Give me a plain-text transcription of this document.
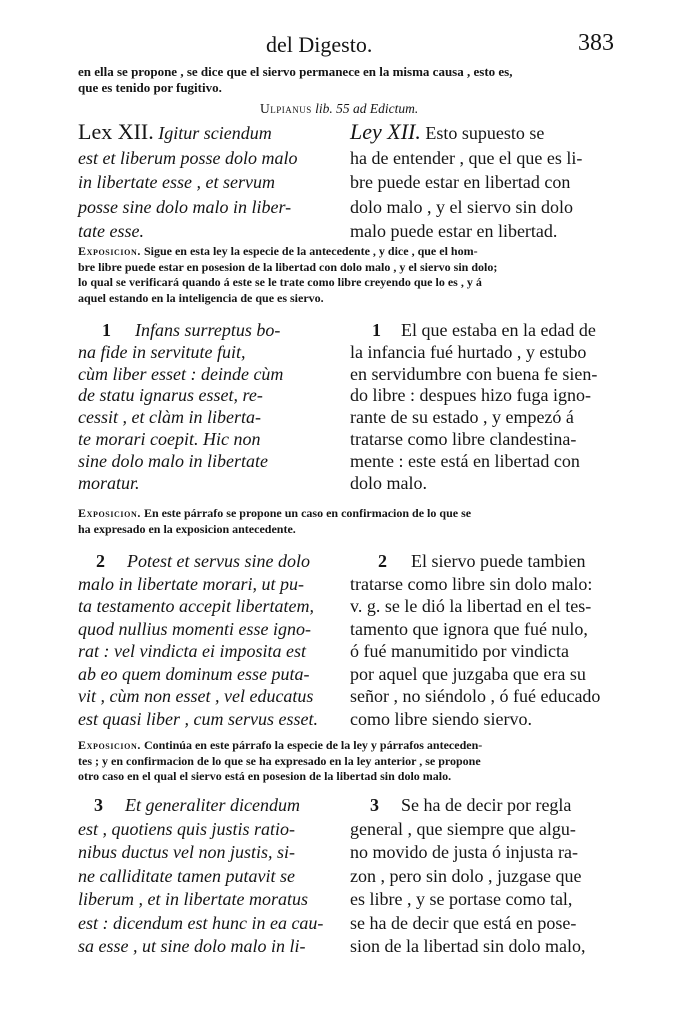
del Digesto.	383
en ella se propone , se dice que el siervo permanece en la misma causa , esto es,
que es tenido por fugitivo.
Ulpianus lib. 55 ad Edictum.
Lex XII. Igitur sciendum
est et liberum posse dolo malo
in libertate esse , et servum
posse sine dolo malo in liber-
tate esse.
Ley XII. Esto supuesto se
ha de entender , que el que es li-
bre puede estar en libertad con
dolo malo , y el siervo sin dolo
malo puede estar en libertad.
Exposicion. Sigue en esta ley la especie de la antecedente , y dice , que el hom-
bre libre puede estar en posesion de la libertad con dolo malo , y el siervo sin dolo;
lo qual se verificará quando á este se le trate como libre creyendo que lo es , y á
aquel estando en la inteligencia de que es siervo.
1 Infans surreptus bo-
na fide in servitute fuit,
cùm liber esset : deinde cùm
de statu ignarus esset, re-
cessit , et clàm in liberta-
te morari coepit. Hic non
sine dolo malo in libertate
moratur.
1 El que estaba en la edad de
la infancia fué hurtado , y estubo
en servidumbre con buena fe sien-
do libre : despues hizo fuga igno-
rante de su estado , y empezó á
tratarse como libre clandestina-
mente : este está en libertad con
dolo malo.
Exposicion. En este párrafo se propone un caso en confirmacion de lo que se
ha expresado en la exposicion antecedente.
2 Potest et servus sine dolo
malo in libertate morari, ut pu-
ta testamento accepit libertatem,
quod nullius momenti esse igno-
rat : vel vindicta ei imposita est
ab eo quem dominum esse puta-
vit , cùm non esset , vel educatus
est quasi liber , cum servus esset.
2 El siervo puede tambien
tratarse como libre sin dolo malo:
v. g. se le dió la libertad en el tes-
tamento que ignora que fué nulo,
ó fué manumitido por vindicta
por aquel que juzgaba que era su
señor , no siéndolo , ó fué educado
como libre siendo siervo.
Exposicion. Continúa en este párrafo la especie de la ley y párrafos anteceden-
tes ; y en confirmacion de lo que se ha expresado en la ley anterior , se propone
otro caso en el qual el siervo está en posesion de la libertad sin dolo malo.
3 Et generaliter dicendum
est , quotiens quis justis ratio-
nibus ductus vel non justis, si-
ne calliditate tamen putavit se
liberum , et in libertate moratus
est : dicendum est hunc in ea cau-
sa esse , ut sine dolo malo in li-
3 Se ha de decir por regla
general , que siempre que algu-
no movido de justa ó injusta ra-
zon , pero sin dolo , juzgase que
es libre , y se portase como tal,
se ha de decir que está en pose-
sion de la libertad sin dolo malo,
